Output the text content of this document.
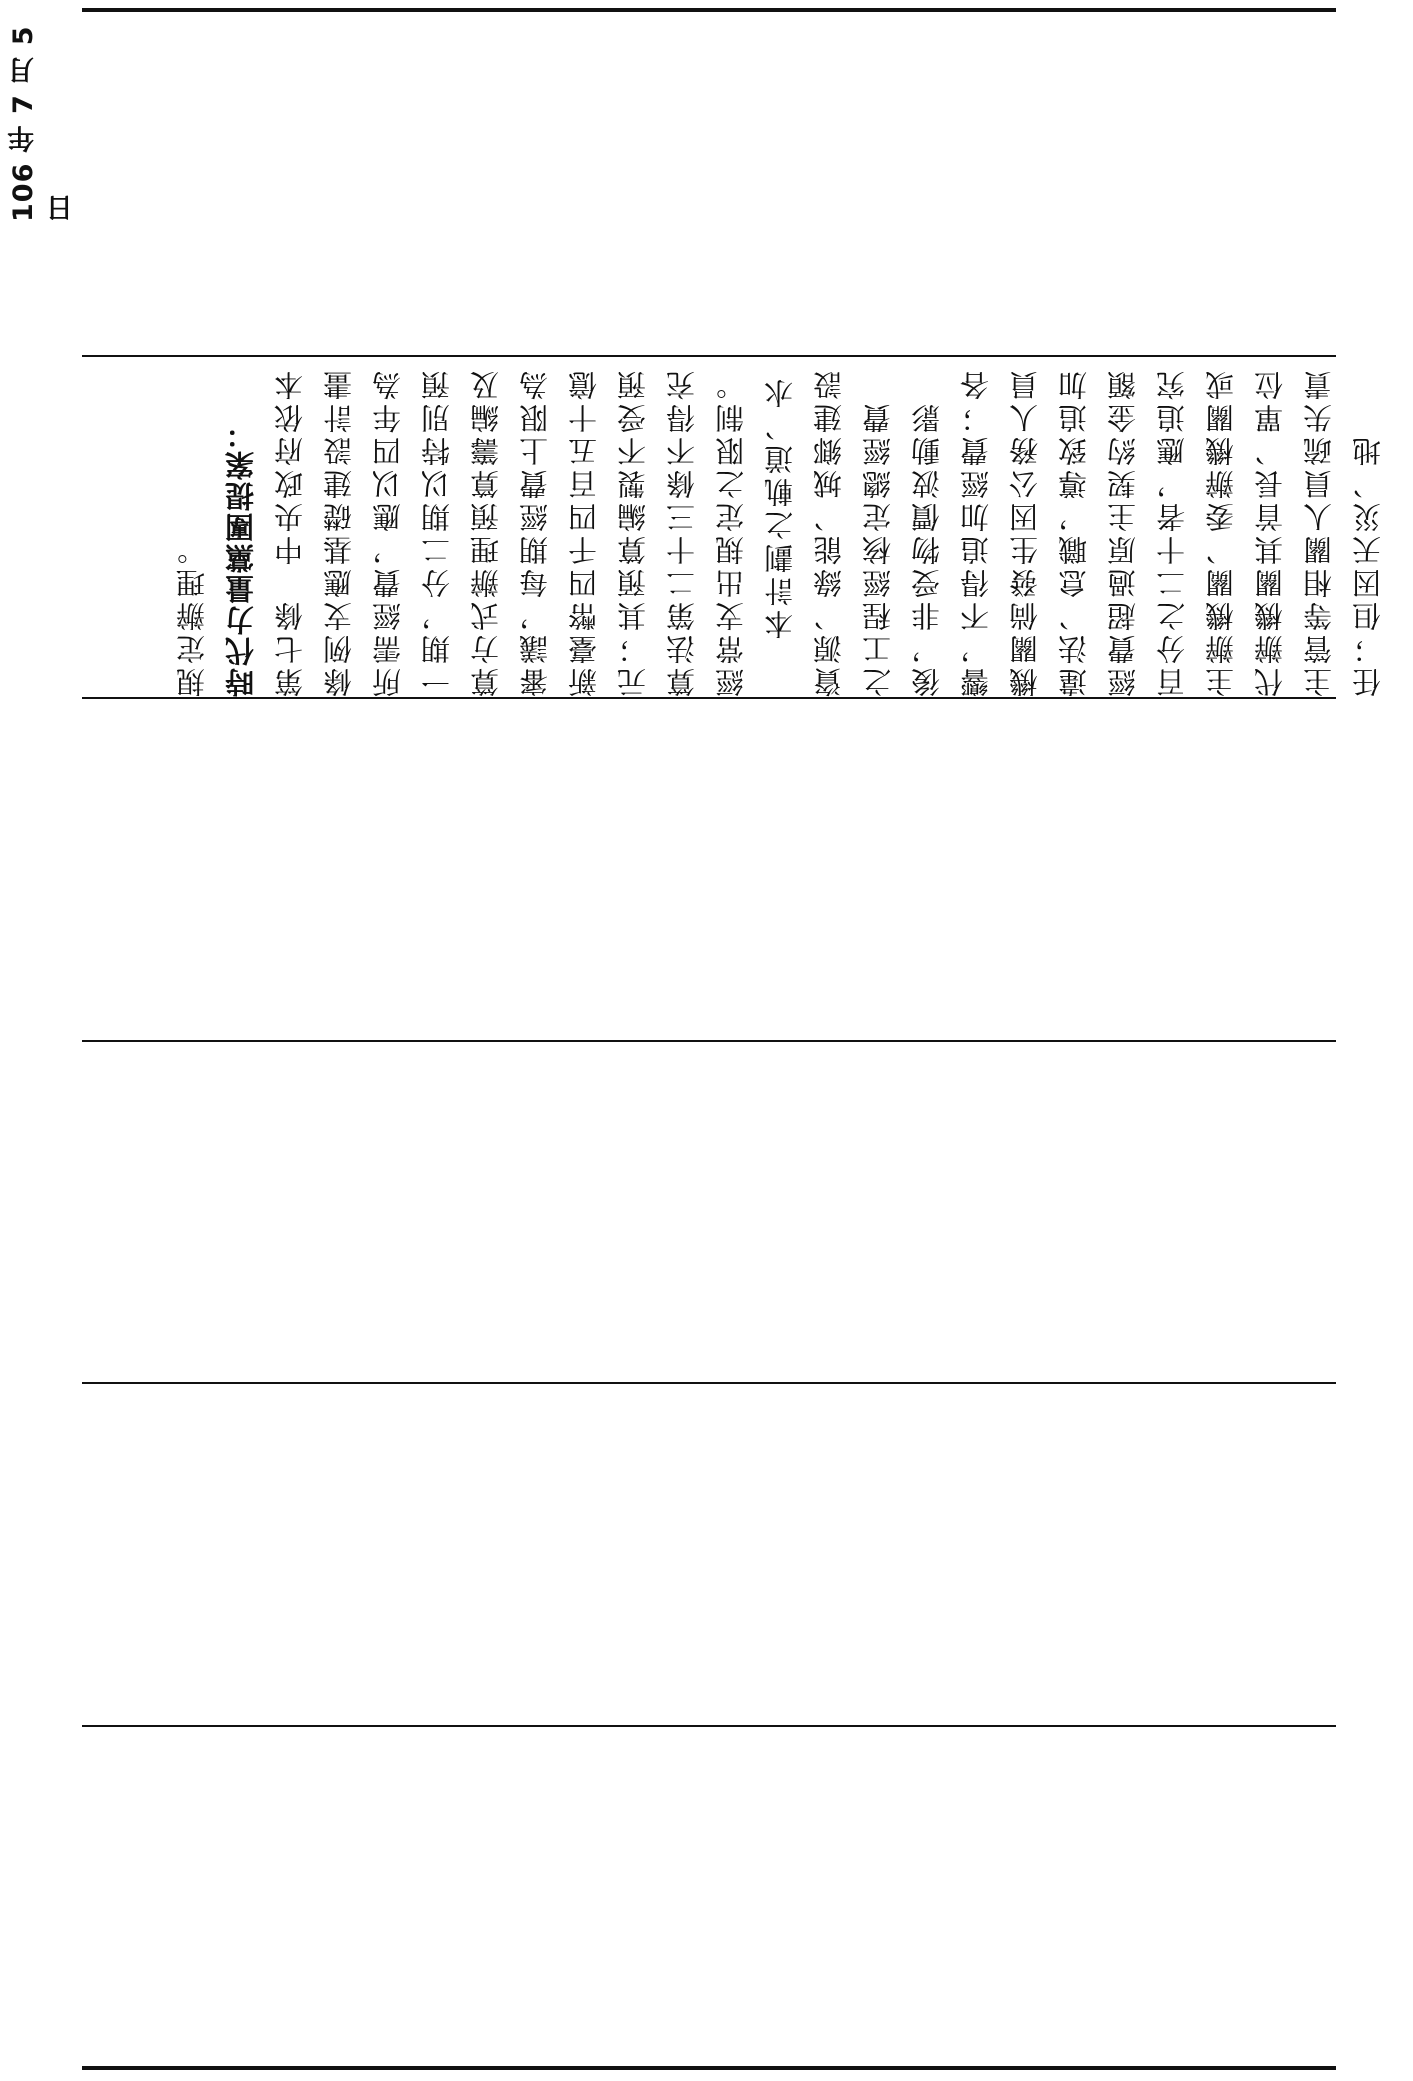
106 年 7 月 5 日

規定辦理。 時代力量黨團提案： 第七條　中央政府依本條例支應基礎建設計畫所需經費，應以四年為一期，分二期以特別預算方式辦理預算籌編及審議，每期經費上限為新臺幣四千四百五十億元；其預算編製不受預算法第二十三條不得充經常支出規定之限制。 本計劃之軌道、水資源、綠能、城鄉建設之工程經核定總經費後，非受物價波動影響，不得追加經費；各機關倘發生因公務人員違法、怠職，導致追加經費超過原主契約金額百分之二十者，應追究主辦機關、委辦機關或代辦機關其首長、單位主管等相關人員疏失責任；但因天災、地
